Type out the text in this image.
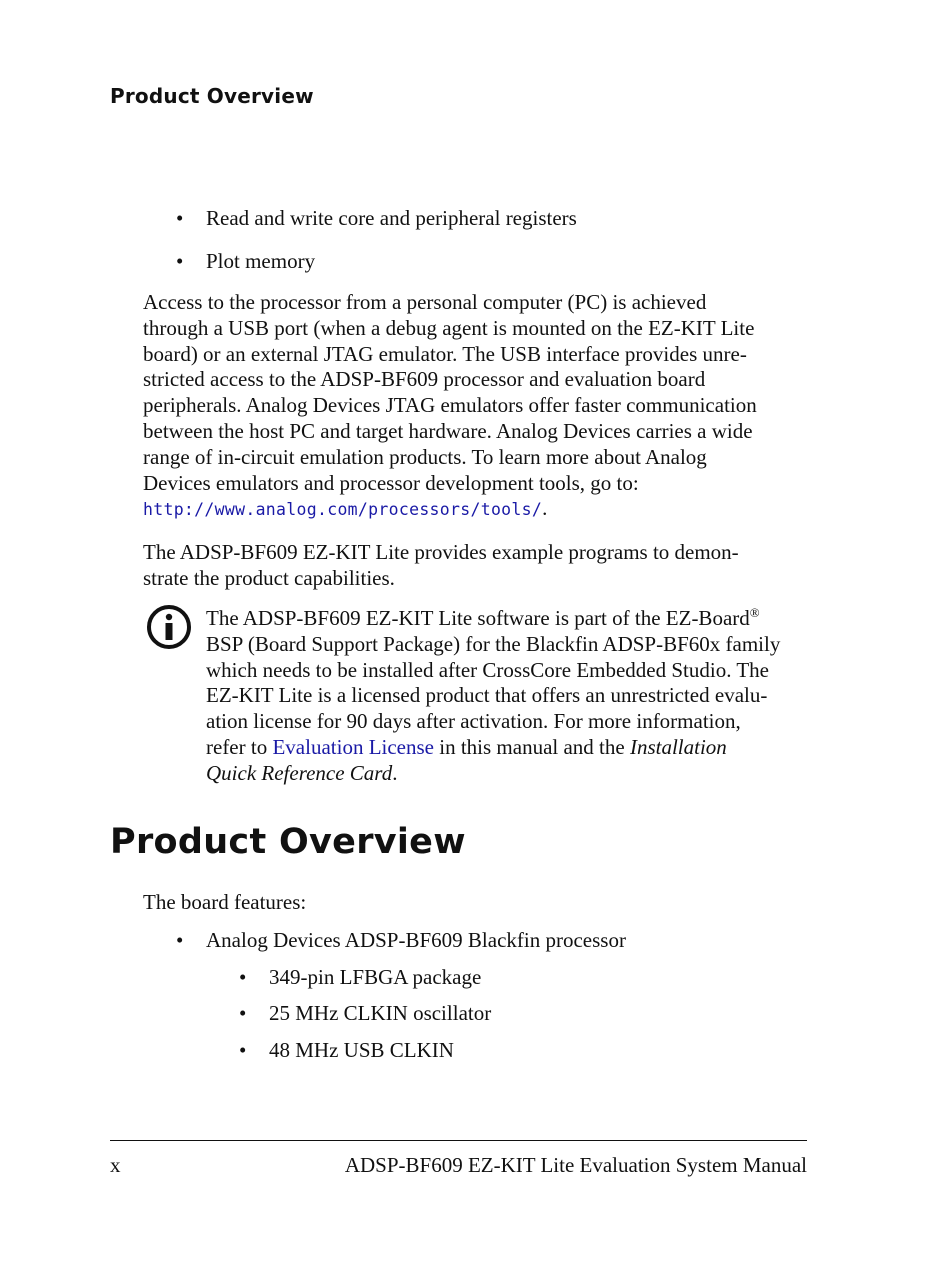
Product Overview
• Read and write core and peripheral registers
• Plot memory
Access to the processor from a personal computer (PC) is achieved
through a USB port (when a debug agent is mounted on the EZ-KIT Lite
board) or an external JTAG emulator. The USB interface provides unre-
stricted access to the ADSP-BF609 processor and evaluation board
peripherals. Analog Devices JTAG emulators offer faster communication
between the host PC and target hardware. Analog Devices carries a wide
range of in-circuit emulation products. To learn more about Analog
Devices emulators and processor development tools, go to:
http://www.analog.com/processors/tools/.
The ADSP-BF609 EZ-KIT Lite provides example programs to demon-
strate the product capabilities.
The ADSP-BF609 EZ-KIT Lite software is part of the EZ-Board®
BSP (Board Support Package) for the Blackfin ADSP-BF60x family
which needs to be installed after CrossCore Embedded Studio. The
EZ-KIT Lite is a licensed product that offers an unrestricted evalu-
ation license for 90 days after activation. For more information,
refer to Evaluation License in this manual and the Installation
Quick Reference Card.
Product Overview
The board features:
• Analog Devices ADSP-BF609 Blackfin processor
• 349-pin LFBGA package
• 25 MHz CLKIN oscillator
• 48 MHz USB CLKIN
x	ADSP-BF609 EZ-KIT Lite Evaluation System Manual
